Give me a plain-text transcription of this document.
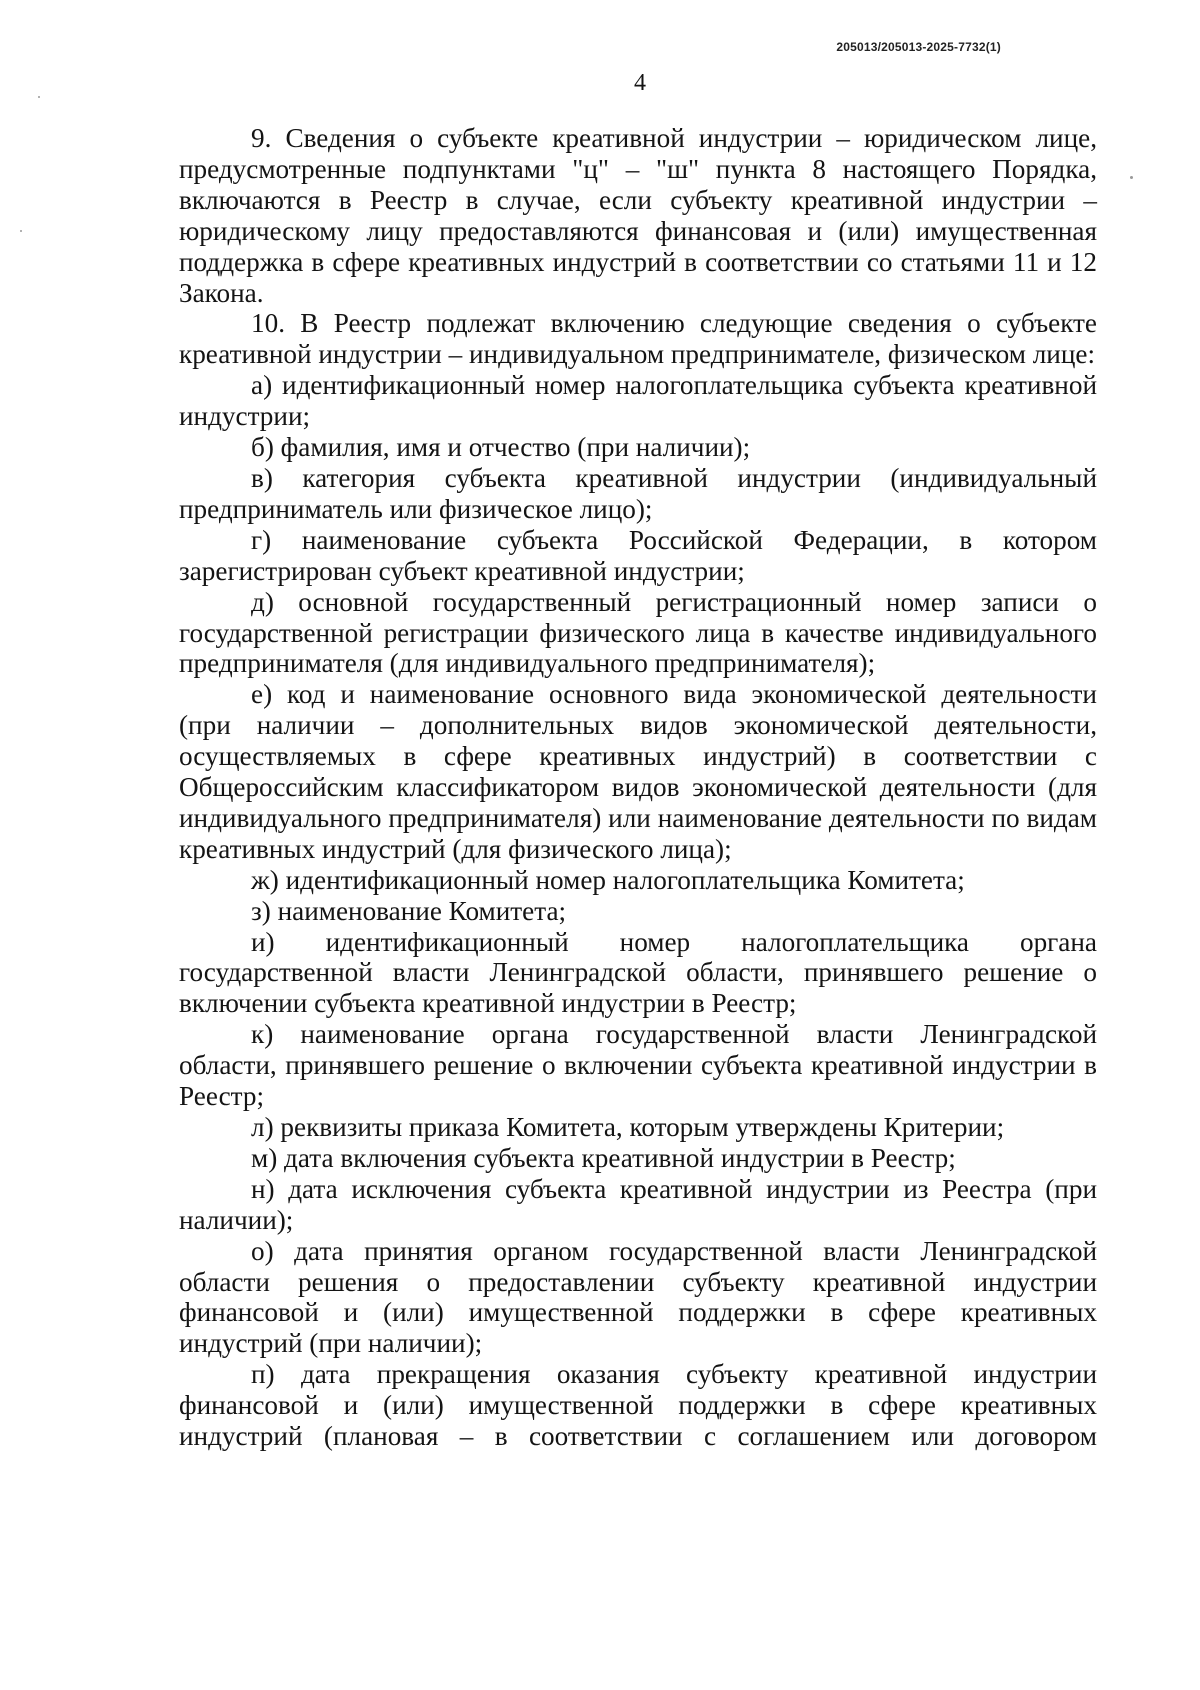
205013/205013-2025-7732(1)
4

9. Сведения о субъекте креативной индустрии – юридическом лице, предусмотренные подпунктами "ц" – "ш" пункта 8 настоящего Порядка, включаются в Реестр в случае, если субъекту креативной индустрии – юридическому лицу предоставляются финансовая и (или) имущественная поддержка в сфере креативных индустрий в соответствии со статьями 11 и 12 Закона.

10. В Реестр подлежат включению следующие сведения о субъекте креативной индустрии – индивидуальном предпринимателе, физическом лице:

а) идентификационный номер налогоплательщика субъекта креативной индустрии;

б) фамилия, имя и отчество (при наличии);

в) категория субъекта креативной индустрии (индивидуальный предприниматель или физическое лицо);

г) наименование субъекта Российской Федерации, в котором зарегистрирован субъект креативной индустрии;

д) основной государственный регистрационный номер записи о государственной регистрации физического лица в качестве индивидуального предпринимателя (для индивидуального предпринимателя);

е) код и наименование основного вида экономической деятельности (при наличии – дополнительных видов экономической деятельности, осуществляемых в сфере креативных индустрий) в соответствии с Общероссийским классификатором видов экономической деятельности (для индивидуального предпринимателя) или наименование деятельности по видам креативных индустрий (для физического лица);

ж) идентификационный номер налогоплательщика Комитета;

з) наименование Комитета;

и) идентификационный номер налогоплательщика органа государственной власти Ленинградской области, принявшего решение о включении субъекта креативной индустрии в Реестр;

к) наименование органа государственной власти Ленинградской области, принявшего решение о включении субъекта креативной индустрии в Реестр;

л) реквизиты приказа Комитета, которым утверждены Критерии;

м) дата включения субъекта креативной индустрии в Реестр;

н) дата исключения субъекта креативной индустрии из Реестра (при наличии);

о) дата принятия органом государственной власти Ленинградской области решения о предоставлении субъекту креативной индустрии финансовой и (или) имущественной поддержки в сфере креативных индустрий (при наличии);

п) дата прекращения оказания субъекту креативной индустрии финансовой и (или) имущественной поддержки в сфере креативных индустрий (плановая – в соответствии с соглашением или договором
